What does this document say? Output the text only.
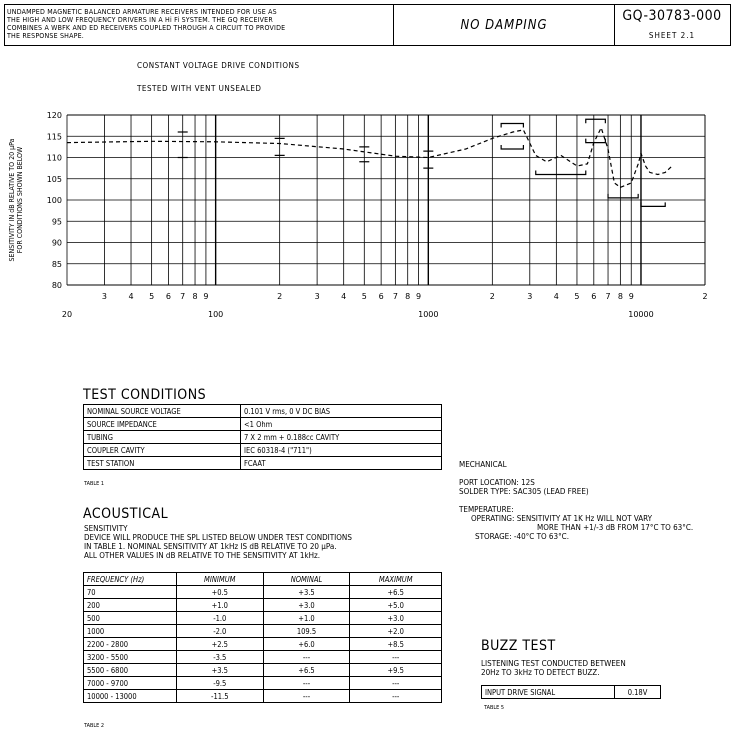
UNDAMPED MAGNETIC BALANCED ARMATURE RECEIVERS INTENDED FOR USE AS
THE HIGH AND LOW FREQUENCY DRIVERS IN A Hi Fi SYSTEM. THE GQ RECEIVER
COMBINES A WBFK AND ED RECEIVERS COUPLED THROUGH A CIRCUIT TO PROVIDE
THE RESPONSE SHAPE.
NO DAMPING
GQ-30783-000
SHEET 2.1
CONSTANT VOLTAGE DRIVE CONDITIONS
TESTED WITH VENT UNSEALED
SENSITIVITY IN dB RELATIVE TO 20 μPa FOR CONDITIONS SHOWN BELOW
80
85
90
95
100
105
110
115
120
3	4 5 6 7 8 9	2	3	4 5 6 7 8 9	2	3	4 5 6 7 8 9	2
20	100	1000	10000
TEST CONDITIONS
NOMINAL SOURCE VOLTAGE	0.101 V rms, 0 V DC BIAS
SOURCE IMPEDANCE	<1 Ohm
TUBING	7 X 2 mm + 0.188cc CAVITY
COUPLER CAVITY	IEC 60318-4 ("711")
TEST STATION	FCAAT
TABLE 1
ACOUSTICAL
SENSITIVITY
DEVICE WILL PRODUCE THE SPL LISTED BELOW UNDER TEST CONDITIONS
IN TABLE 1. NOMINAL SENSITIVITY AT 1kHz IS dB RELATIVE TO 20 μPa.
ALL OTHER VALUES IN dB RELATIVE TO THE SENSITIVITY AT 1kHz.
FREQUENCY (Hz)	MINIMUM	NOMINAL	MAXIMUM
70	+0.5	+3.5	+6.5
200	+1.0	+3.0	+5.0
500	-1.0	+1.0	+3.0
1000	-2.0	109.5	+2.0
2200 - 2800	+2.5	+6.0	+8.5
3200 - 5500	-3.5	---	---
5500 - 6800	+3.5	+6.5	+9.5
7000 - 9700	-9.5	---	---
10000 - 13000	-11.5	---	---
TABLE 2
MECHANICAL
PORT LOCATION: 12S
SOLDER TYPE: SAC305 (LEAD FREE)
TEMPERATURE:
OPERATING: SENSITIVITY AT 1K Hz WILL NOT VARY
MORE THAN +1/-3 dB FROM 17°C TO 63°C.
STORAGE: -40°C TO 63°C.
BUZZ TEST
LISTENING TEST CONDUCTED BETWEEN
20Hz TO 3kHz TO DETECT BUZZ.
INPUT DRIVE SIGNAL	0.18V
TABLE 5
